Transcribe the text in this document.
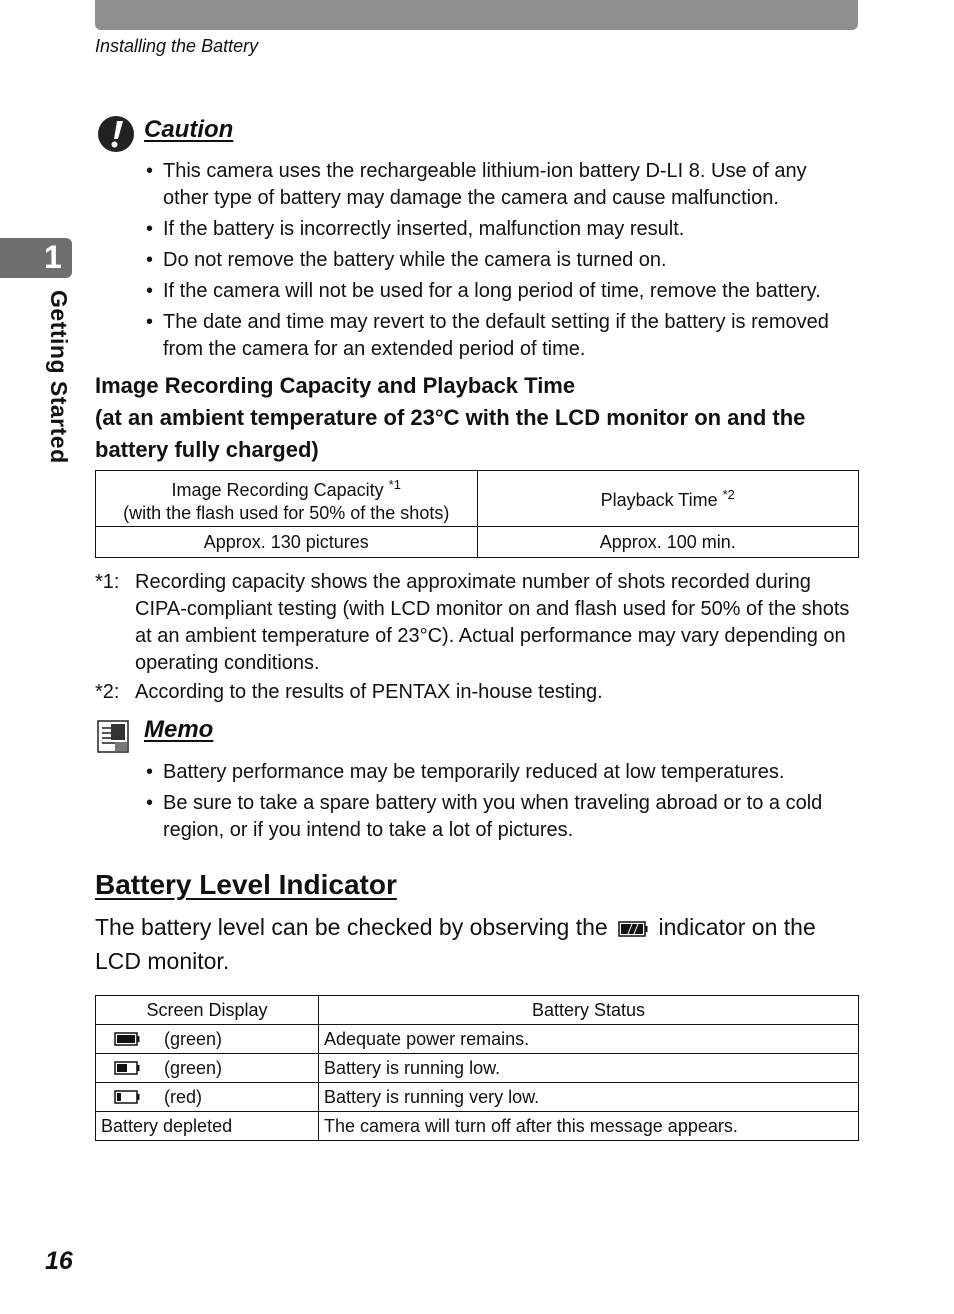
Installing the Battery
1
Getting Started
Caution
• This camera uses the rechargeable lithium-ion battery D-LI 8. Use of any other type of battery may damage the camera and cause malfunction.
• If the battery is incorrectly inserted, malfunction may result.
• Do not remove the battery while the camera is turned on.
• If the camera will not be used for a long period of time, remove the battery.
• The date and time may revert to the default setting if the battery is removed from the camera for an extended period of time.
Image Recording Capacity and Playback Time
(at an ambient temperature of 23°C with the LCD monitor on and the battery fully charged)
Image Recording Capacity $^{*1}$
(with the flash used for 50% of the shots)	Playback Time $^{*2}$
Approx. 130 pictures	Approx. 100 min.
*1: Recording capacity shows the approximate number of shots recorded during CIPA-compliant testing (with LCD monitor on and flash used for 50% of the shots at an ambient temperature of 23°C). Actual performance may vary depending on operating conditions.
*2: According to the results of PENTAX in-house testing.
Memo
• Battery performance may be temporarily reduced at low temperatures.
• Be sure to take a spare battery with you when traveling abroad or to a cold region, or if you intend to take a lot of pictures.
Battery Level Indicator
The battery level can be checked by observing the indicator on the LCD monitor.
Screen Display	Battery Status

(green)	Adequate power remains.

(green)	Battery is running low.

(red)	Battery is running very low.
Battery depleted	The camera will turn off after this message appears.
16
